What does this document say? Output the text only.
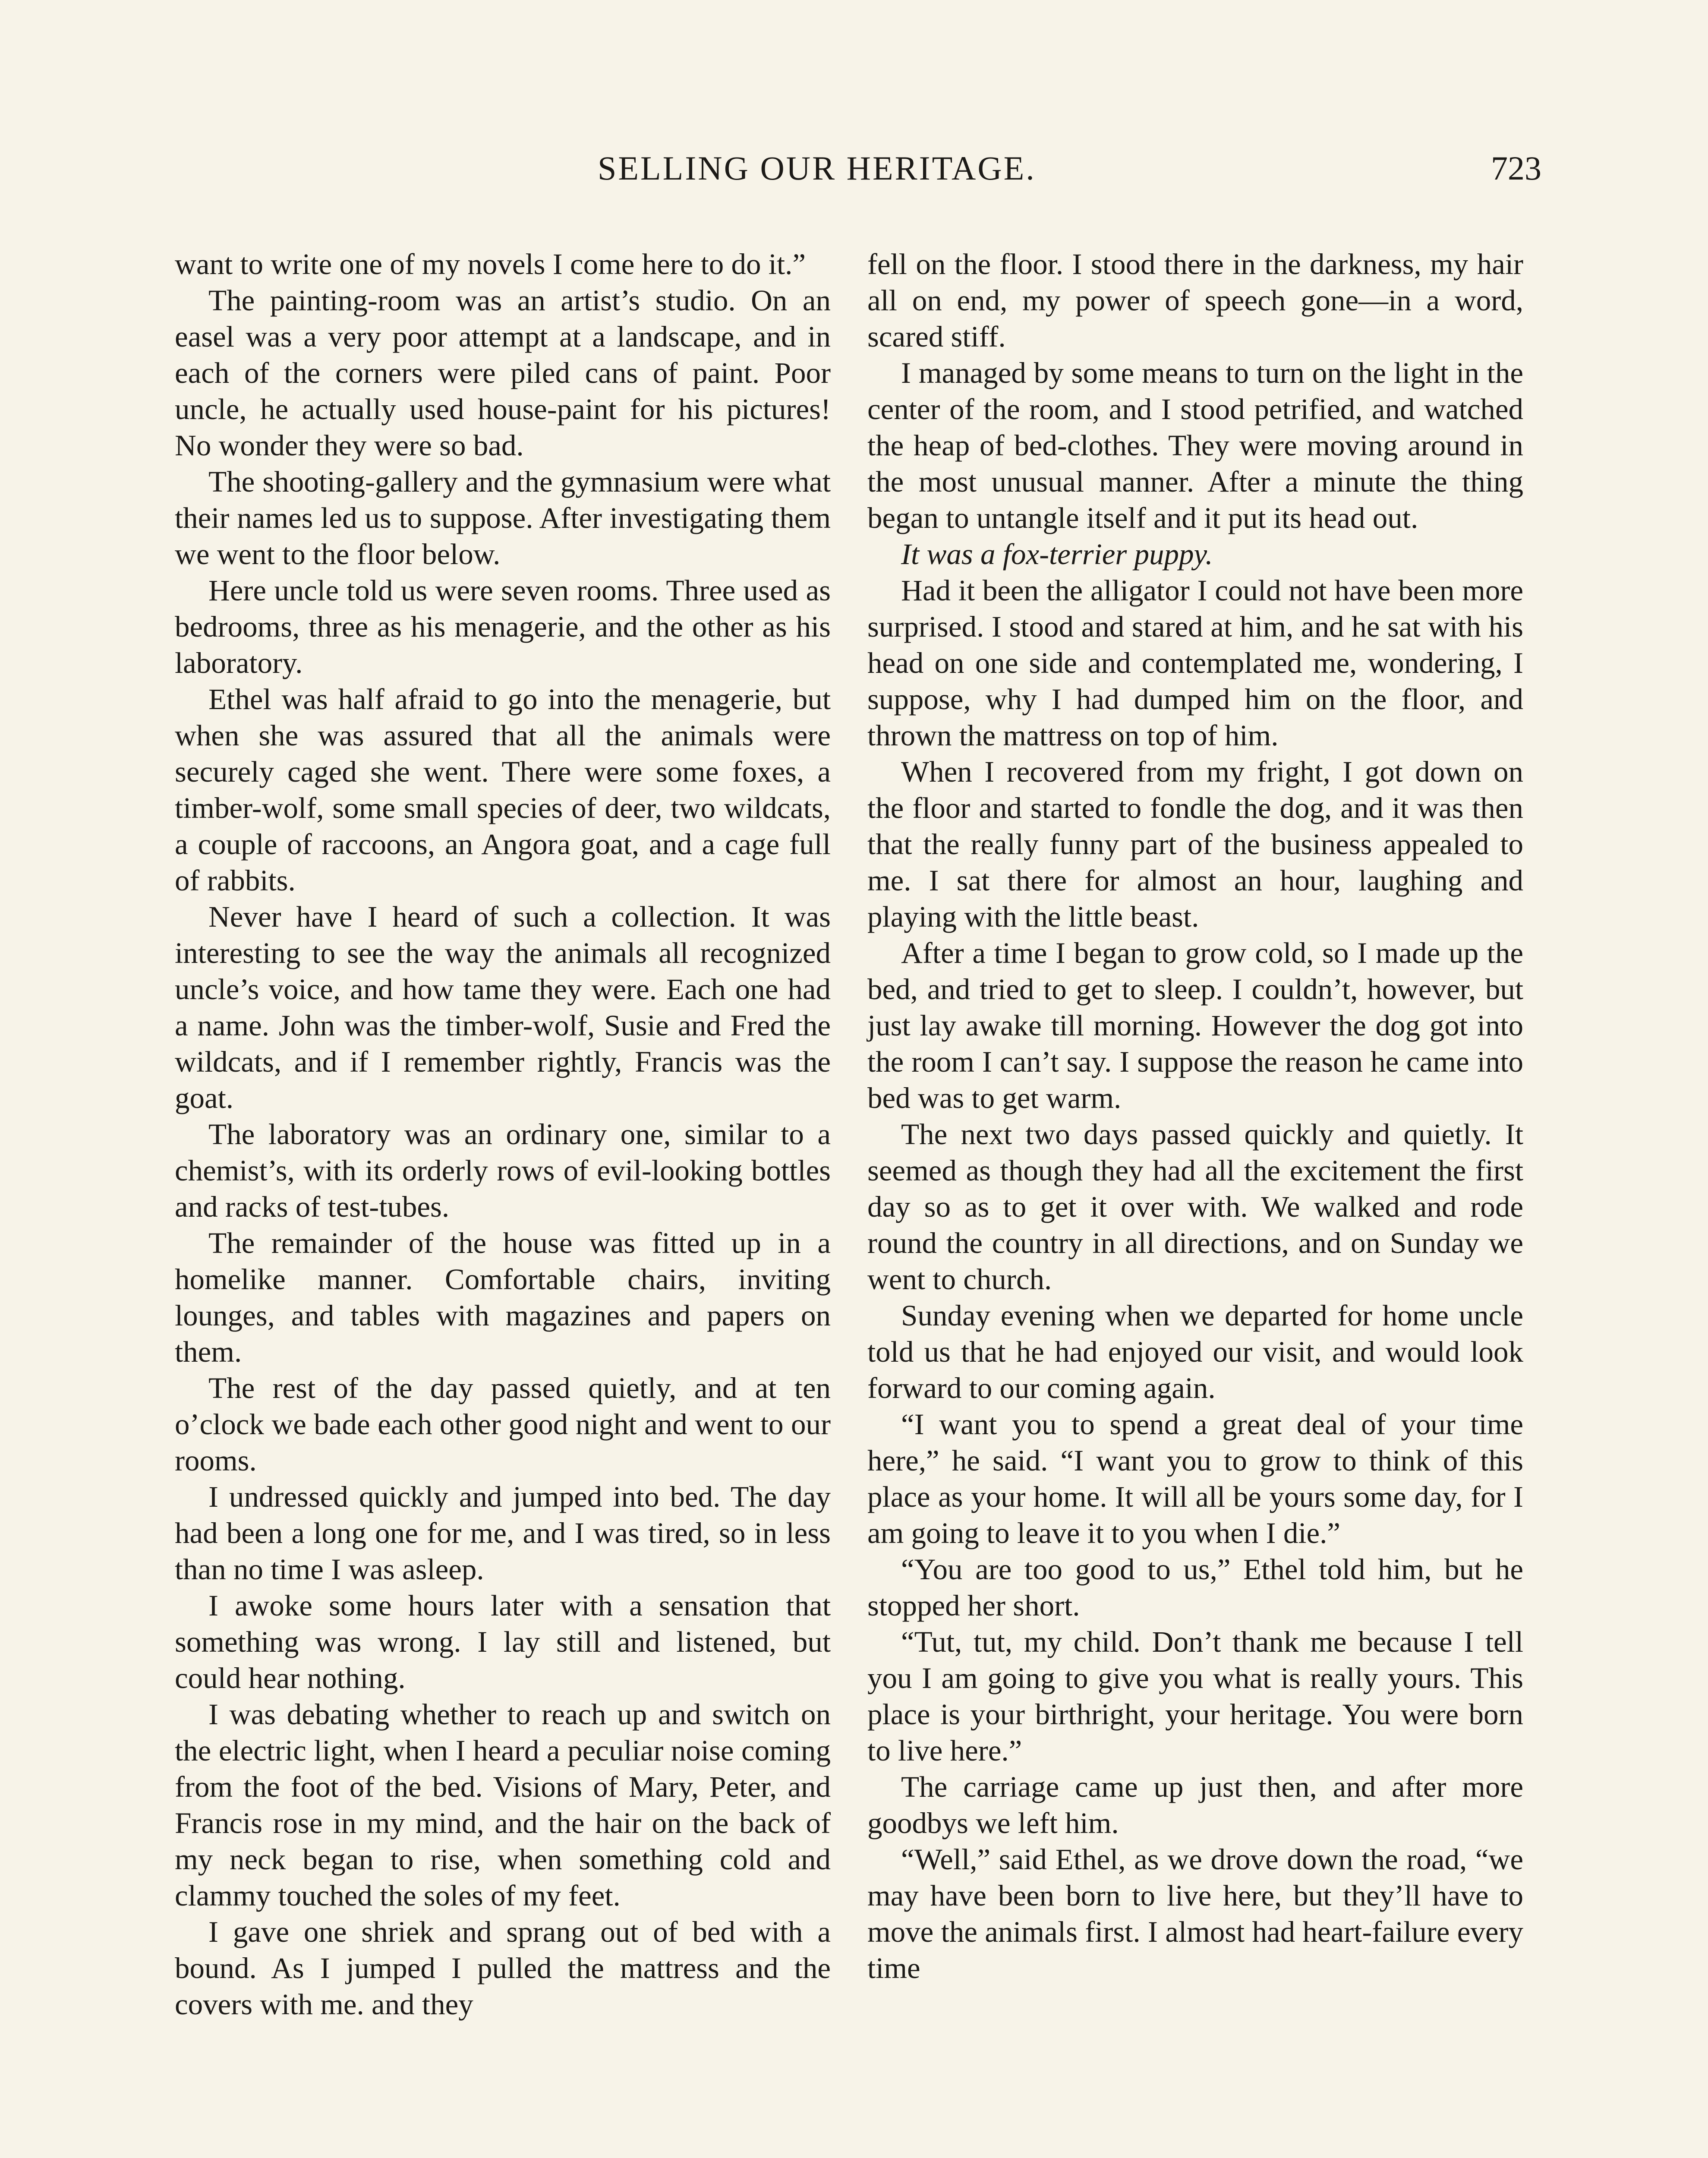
SELLING OUR HERITAGE.	723

want to write one of my novels I come here to do it.”

The painting-room was an artist’s studio. On an easel was a very poor attempt at a landscape, and in each of the corners were piled cans of paint. Poor uncle, he actually used house-paint for his pictures! No wonder they were so bad.

The shooting-gallery and the gymnasium were what their names led us to suppose. After investigating them we went to the floor below.

Here uncle told us were seven rooms. Three used as bedrooms, three as his menagerie, and the other as his laboratory.

Ethel was half afraid to go into the menagerie, but when she was assured that all the animals were securely caged she went. There were some foxes, a timber-wolf, some small species of deer, two wildcats, a couple of raccoons, an Angora goat, and a cage full of rabbits.

Never have I heard of such a collection. It was interesting to see the way the animals all recognized uncle’s voice, and how tame they were. Each one had a name. John was the timber-wolf, Susie and Fred the wildcats, and if I remember rightly, Francis was the goat.

The laboratory was an ordinary one, similar to a chemist’s, with its orderly rows of evil-looking bottles and racks of test-tubes.

The remainder of the house was fitted up in a homelike manner. Comfortable chairs, inviting lounges, and tables with magazines and papers on them.

The rest of the day passed quietly, and at ten o’clock we bade each other good night and went to our rooms.

I undressed quickly and jumped into bed. The day had been a long one for me, and I was tired, so in less than no time I was asleep.

I awoke some hours later with a sensation that something was wrong. I lay still and listened, but could hear nothing.

I was debating whether to reach up and switch on the electric light, when I heard a peculiar noise coming from the foot of the bed. Visions of Mary, Peter, and Francis rose in my mind, and the hair on the back of my neck began to rise, when something cold and clammy touched the soles of my feet.

I gave one shriek and sprang out of bed with a bound. As I jumped I pulled the mattress and the covers with me. and they

fell on the floor. I stood there in the darkness, my hair all on end, my power of speech gone—in a word, scared stiff.

I managed by some means to turn on the light in the center of the room, and I stood petrified, and watched the heap of bed-clothes. They were moving around in the most unusual manner. After a minute the thing began to untangle itself and it put its head out.

It was a fox-terrier puppy.

Had it been the alligator I could not have been more surprised. I stood and stared at him, and he sat with his head on one side and contemplated me, wondering, I suppose, why I had dumped him on the floor, and thrown the mattress on top of him.

When I recovered from my fright, I got down on the floor and started to fondle the dog, and it was then that the really funny part of the business appealed to me. I sat there for almost an hour, laughing and playing with the little beast.

After a time I began to grow cold, so I made up the bed, and tried to get to sleep. I couldn’t, however, but just lay awake till morning. However the dog got into the room I can’t say. I suppose the reason he came into bed was to get warm.

The next two days passed quickly and quietly. It seemed as though they had all the excitement the first day so as to get it over with. We walked and rode round the country in all directions, and on Sunday we went to church.

Sunday evening when we departed for home uncle told us that he had enjoyed our visit, and would look forward to our coming again.

“I want you to spend a great deal of your time here,” he said. “I want you to grow to think of this place as your home. It will all be yours some day, for I am going to leave it to you when I die.”

“You are too good to us,” Ethel told him, but he stopped her short.

“Tut, tut, my child. Don’t thank me because I tell you I am going to give you what is really yours. This place is your birthright, your heritage. You were born to live here.”

The carriage came up just then, and after more goodbys we left him.

“Well,” said Ethel, as we drove down the road, “we may have been born to live here, but they’ll have to move the animals first. I almost had heart-failure every time
